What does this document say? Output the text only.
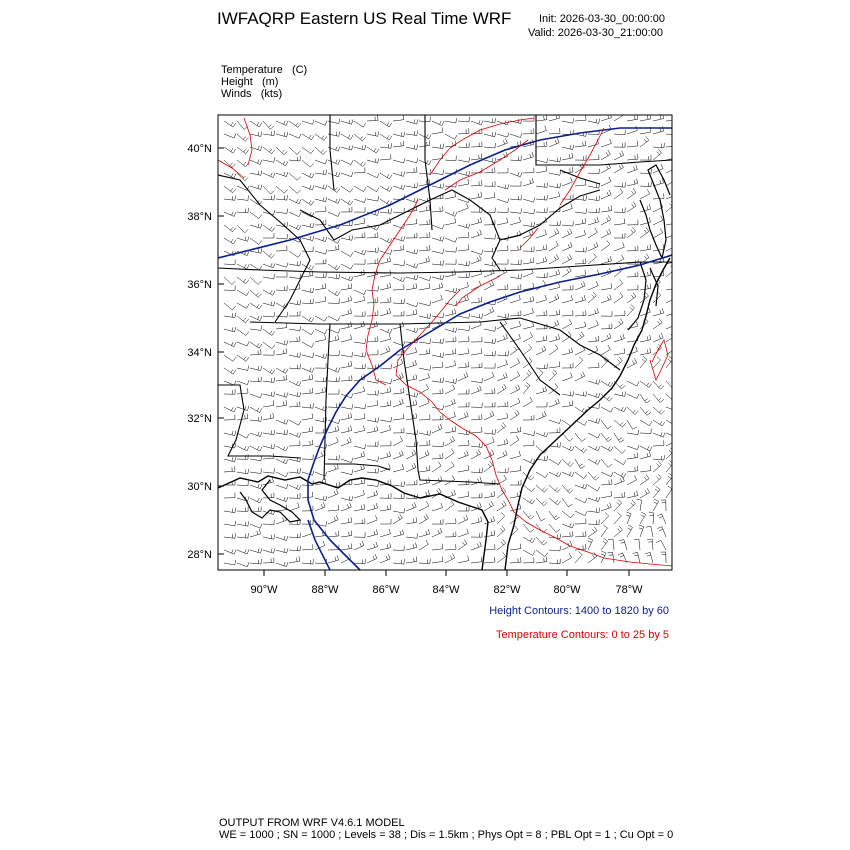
IWFAQRP Eastern US Real Time WRF	Init: 2026-03-30_00:00:00
Valid: 2026-03-30_21:00:00
Temperature (C)
Height (m)
Winds (kts)
40°N
38°N
36°N
34°N
32°N
30°N
28°N
90°W	88°W	86°W	84°W	82°W	80°W	78°W
Height Contours: 1400 to 1820 by 60
Temperature Contours: 0 to 25 by 5
OUTPUT FROM WRF V4.6.1 MODEL
WE = 1000 ; SN = 1000 ; Levels = 38 ; Dis = 1.5km ; Phys Opt = 8 ; PBL Opt = 1 ; Cu Opt = 0
